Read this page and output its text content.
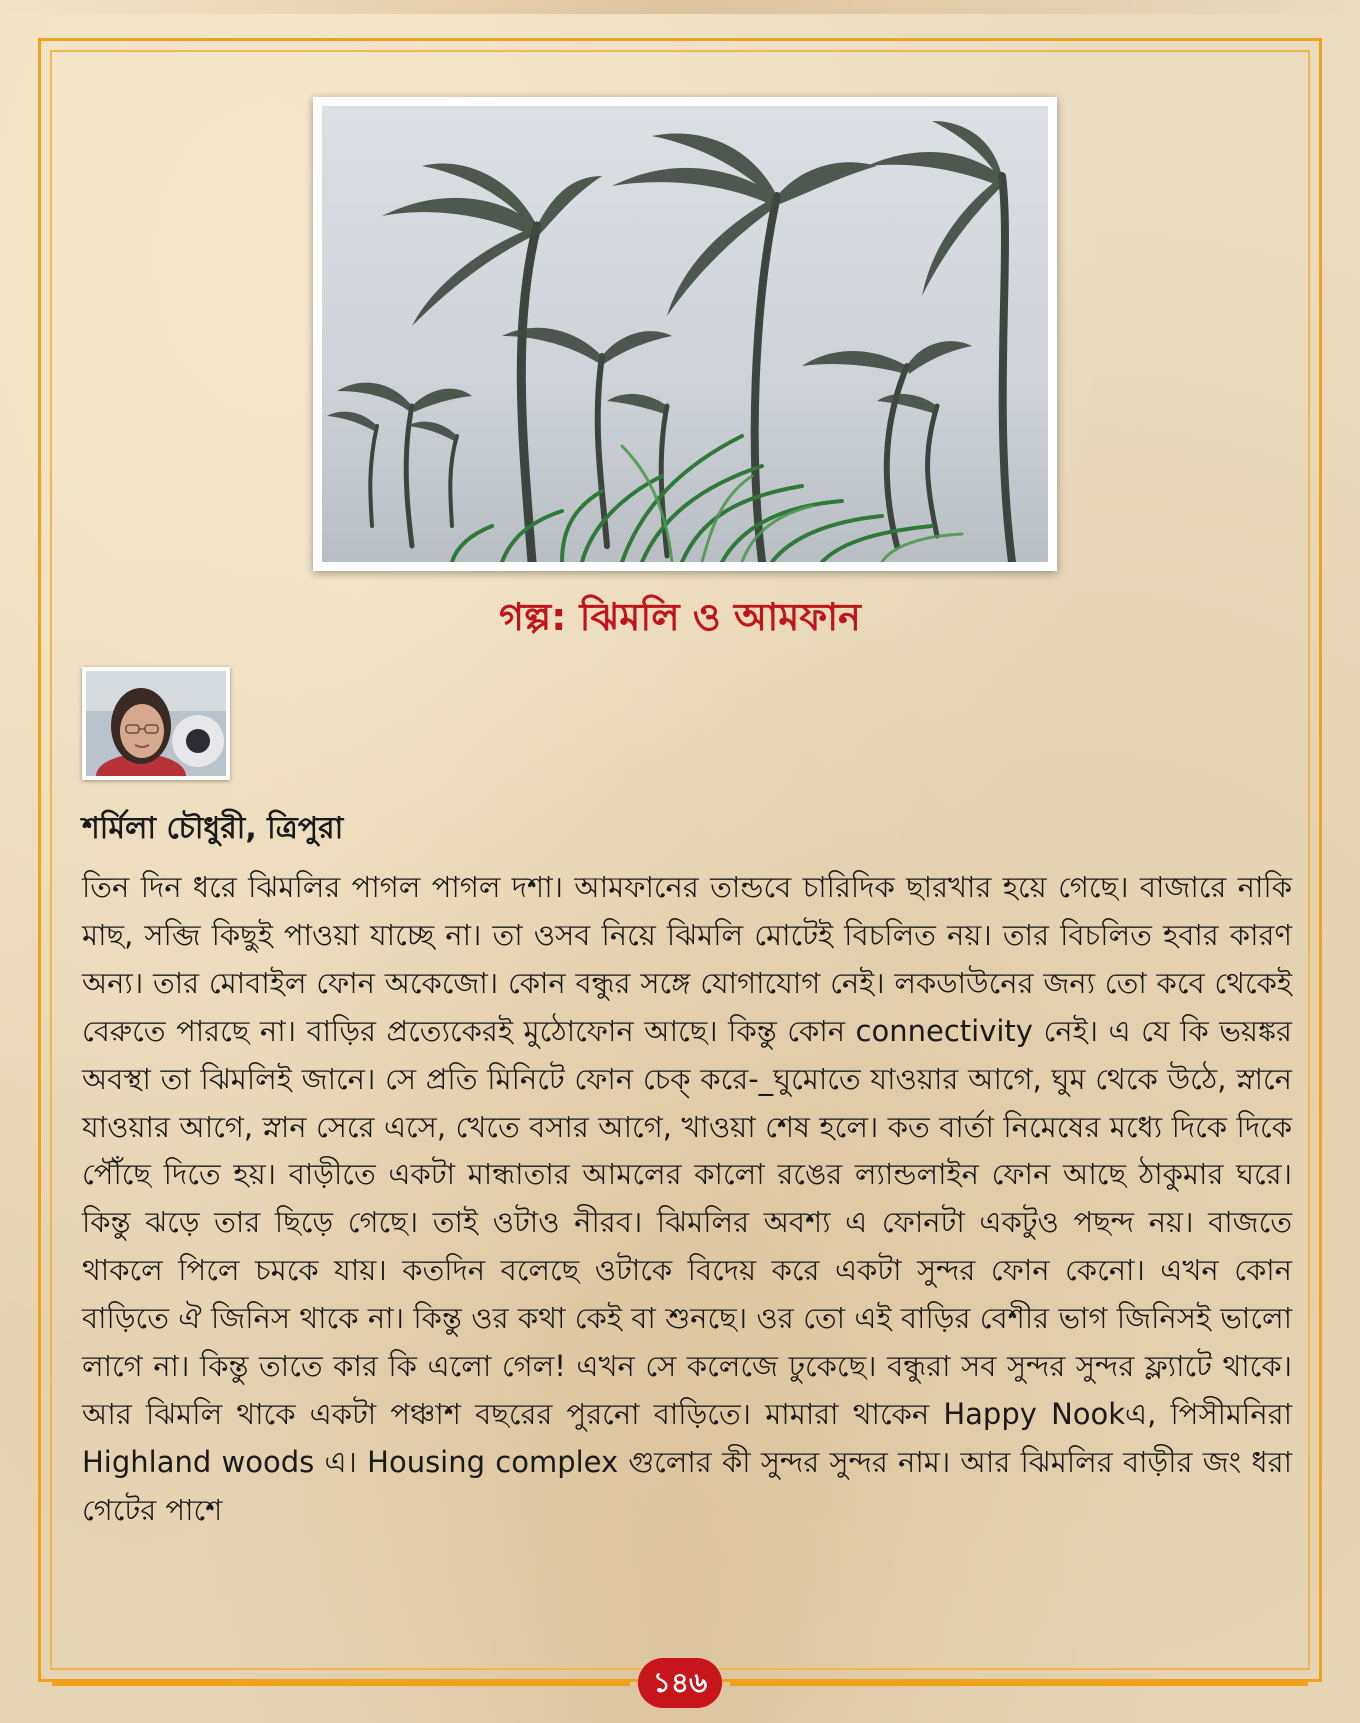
গল্প: ঝিমলি ও আমফান

শর্মিলা চৌধুরী, ত্রিপুরা

তিন দিন ধরে ঝিমলির পাগল পাগল দশা। আমফানের তান্ডবে চারিদিক ছারখার হয়ে গেছে। বাজারে নাকি মাছ, সব্জি কিছুই পাওয়া যাচ্ছে না। তা ওসব নিয়ে ঝিমলি মোটেই বিচলিত নয়। তার বিচলিত হবার কারণ অন্য। তার মোবাইল ফোন অকেজো। কোন বন্ধুর সঙ্গে যোগাযোগ নেই। লকডাউনের জন্য তো কবে থেকেই বেরুতে পারছে না। বাড়ির প্রত্যেকেরই মুঠোফোন আছে। কিন্তু কোন connectivity নেই। এ যে কি ভয়ঙ্কর অবস্থা তা ঝিমলিই জানে। সে প্রতি মিনিটে ফোন চেক্ করে-_ঘুমোতে যাওয়ার আগে, ঘুম থেকে উঠে, স্নানে যাওয়ার আগে, স্নান সেরে এসে, খেতে বসার আগে, খাওয়া শেষ হলে। কত বার্তা নিমেষের মধ্যে দিকে দিকে পৌঁছে দিতে হয়। বাড়ীতে একটা মান্ধাতার আমলের কালো রঙের ল্যান্ডলাইন ফোন আছে ঠাকুমার ঘরে। কিন্তু ঝড়ে তার ছিড়ে গেছে। তাই ওটাও নীরব। ঝিমলির অবশ্য এ ফোনটা একটুও পছন্দ নয়। বাজতে থাকলে পিলে চমকে যায়। কতদিন বলেছে ওটাকে বিদেয় করে একটা সুন্দর ফোন কেনো। এখন কোন বাড়িতে ঐ জিনিস থাকে না। কিন্তু ওর কথা কেই বা শুনছে। ওর তো এই বাড়ির বেশীর ভাগ জিনিসই ভালো লাগে না। কিন্তু তাতে কার কি এলো গেল! এখন সে কলেজে ঢুকেছে। বন্ধুরা সব সুন্দর সুন্দর ফ্ল্যাটে থাকে। আর ঝিমলি থাকে একটা পঞ্চাশ বছরের পুরনো বাড়িতে। মামারা থাকেন Happy Nookএ, পিসীমনিরা Highland woods এ। Housing complex গুলোর কী সুন্দর সুন্দর নাম। আর ঝিমলির বাড়ীর জং ধরা গেটের পাশে

১৪৬
